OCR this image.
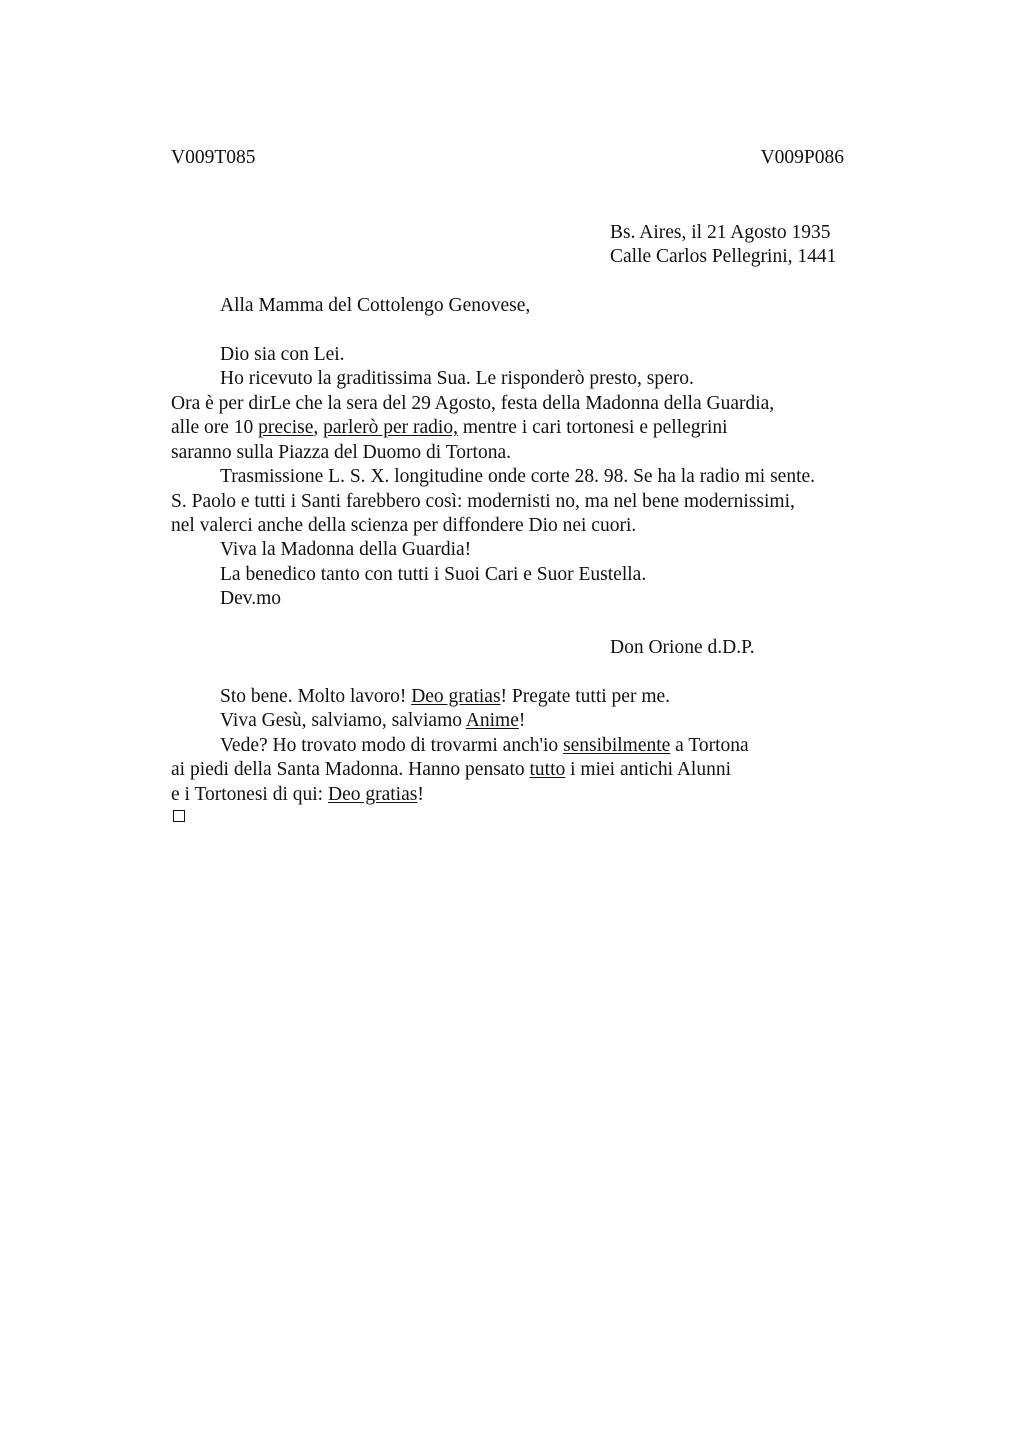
V009T085	V009P086
Bs. Aires, il 21 Agosto 1935
Calle Carlos Pellegrini, 1441
Alla Mamma del Cottolengo Genovese,
Dio sia con Lei.
Ho ricevuto la graditissima Sua. Le risponderò presto, spero.
Ora è per dirLe che la sera del 29 Agosto, festa della Madonna della Guardia,
alle ore 10 precise, parlerò per radio, mentre i cari tortonesi e pellegrini
saranno sulla Piazza del Duomo di Tortona.
Trasmissione L. S. X. longitudine onde corte 28. 98. Se ha la radio mi sente.
S. Paolo e tutti i Santi farebbero così: modernisti no, ma nel bene modernissimi,
nel valerci anche della scienza per diffondere Dio nei cuori.
Viva la Madonna della Guardia!
La benedico tanto con tutti i Suoi Cari e Suor Eustella.
Dev.mo
Don Orione d.D.P.
Sto bene. Molto lavoro! Deo gratias! Pregate tutti per me.
Viva Gesù, salviamo, salviamo Anime!
Vede? Ho trovato modo di trovarmi anch'io sensibilmente a Tortona
ai piedi della Santa Madonna. Hanno pensato tutto i miei antichi Alunni
e i Tortonesi di qui: Deo gratias!
